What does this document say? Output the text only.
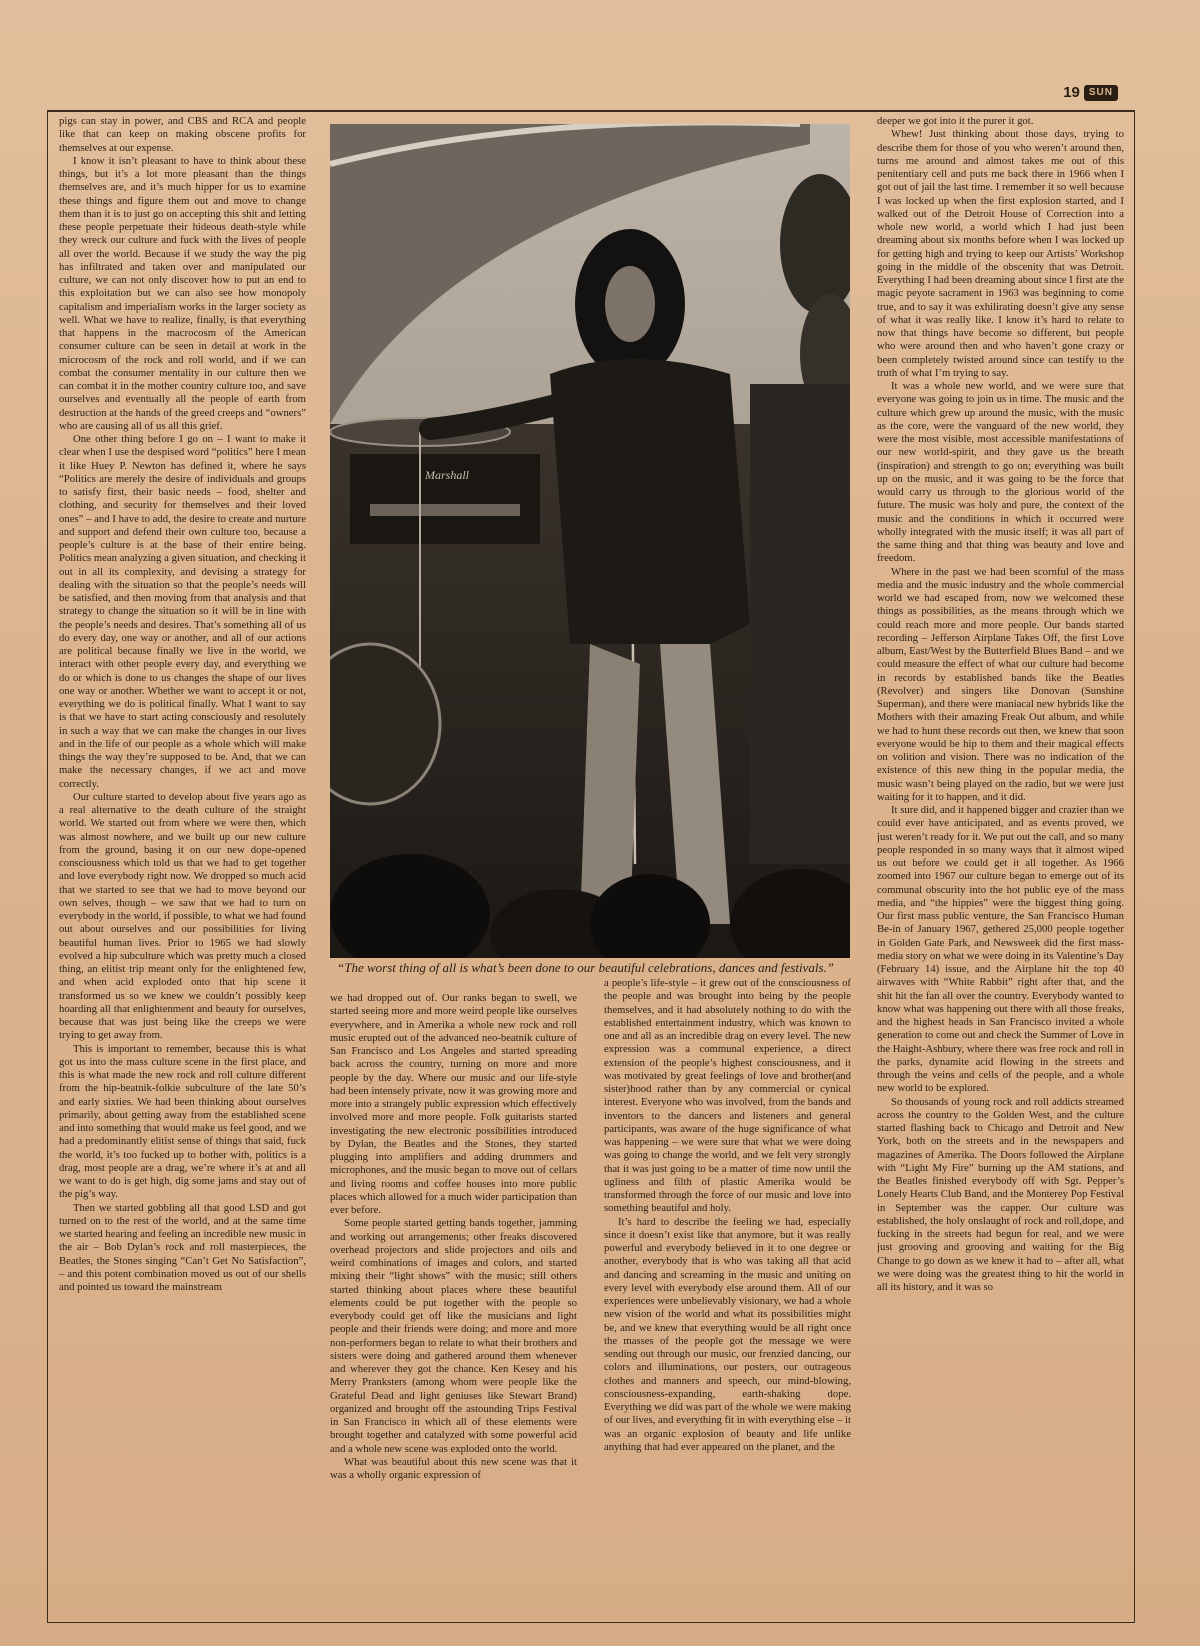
19 SUN

pigs can stay in power, and CBS and RCA and people like that can keep on making obscene profits for themselves at our expense.

I know it isn’t pleasant to have to think about these things, but it’s a lot more pleasant than the things themselves are, and it’s much hipper for us to examine these things and figure them out and move to change them than it is to just go on accepting this shit and letting these people perpetuate their hideous death-style while they wreck our culture and fuck with the lives of people all over the world. Because if we study the way the pig has infiltrated and taken over and manipulated our culture, we can not only discover how to put an end to this exploitation but we can also see how monopoly capitalism and imperialism works in the larger society as well. What we have to realize, finally, is that everything that happens in the macrocosm of the American consumer culture can be seen in detail at work in the microcosm of the rock and roll world, and if we can combat the consumer mentality in our culture then we can combat it in the mother country culture too, and save ourselves and eventually all the people of earth from destruction at the hands of the greed creeps and “owners” who are causing all of us all this grief.

One other thing before I go on – I want to make it clear when I use the despised word “politics” here I mean it like Huey P. Newton has defined it, where he says “Politics are merely the desire of individuals and groups to satisfy first, their basic needs – food, shelter and clothing, and security for themselves and their loved ones” – and I have to add, the desire to create and nurture and support and defend their own culture too, because a people’s culture is at the base of their entire being. Politics mean analyzing a given situation, and checking it out in all its complexity, and devising a strategy for dealing with the situation so that the people’s needs will be satisfied, and then moving from that analysis and that strategy to change the situation so it will be in line with the people’s needs and desires. That’s something all of us do every day, one way or another, and all of our actions are political because finally we live in the world, we interact with other people every day, and everything we do or which is done to us changes the shape of our lives one way or another. Whether we want to accept it or not, everything we do is political finally. What I want to say is that we have to start acting consciously and resolutely in such a way that we can make the changes in our lives and in the life of our people as a whole which will make things the way they’re supposed to be. And, that we can make the necessary changes, if we act and move correctly.

Our culture started to develop about five years ago as a real alternative to the death culture of the straight world. We started out from where we were then, which was almost nowhere, and we built up our new culture from the ground, basing it on our new dope-opened consciousness which told us that we had to get together and love everybody right now. We dropped so much acid that we started to see that we had to move beyond our own selves, though – we saw that we had to turn on everybody in the world, if possible, to what we had found out about ourselves and our possibilities for living beautiful human lives. Prior to 1965 we had slowly evolved a hip subculture which was pretty much a closed thing, an elitist trip meant only for the enlightened few, and when acid exploded onto that hip scene it transformed us so we knew we couldn’t possibly keep hoarding all that enlightenment and beauty for ourselves, because that was just being like the creeps we were trying to get away from.

This is important to remember, because this is what got us into the mass culture scene in the first place, and this is what made the new rock and roll culture different from the hip-beatnik-folkie subculture of the late 50’s and early sixties. We had been thinking about ourselves primarily, about getting away from the established scene and into something that would make us feel good, and we had a predominantly elitist sense of things that said, fuck the world, it’s too fucked up to bother with, politics is a drag, most people are a drag, we’re where it’s at and all we want to do is get high, dig some jams and stay out of the pig’s way.

Then we started gobbling all that good LSD and got turned on to the rest of the world, and at the same time we started hearing and feeling an incredible new music in the air – Bob Dylan’s rock and roll masterpieces, the Beatles, the Stones singing “Can’t Get No Satisfaction”, – and this potent combination moved us out of our shells and pointed us toward the mainstream

Marshall
“The worst thing of all is what’s been done to our beautiful celebrations, dances and festivals.”

we had dropped out of. Our ranks began to swell, we started seeing more and more weird people like ourselves everywhere, and in Amerika a whole new rock and roll music erupted out of the advanced neo-beatnik culture of San Francisco and Los Angeles and started spreading back across the country, turning on more and more people by the day. Where our music and our life-style had been intensely private, now it was growing more and more into a strangely public expression which effectively involved more and more people. Folk guitarists started investigating the new electronic possibilities introduced by Dylan, the Beatles and the Stones, they started plugging into amplifiers and adding drummers and microphones, and the music began to move out of cellars and living rooms and coffee houses into more public places which allowed for a much wider participation than ever before.

Some people started getting bands together, jamming and working out arrangements; other freaks discovered overhead projectors and slide projectors and oils and weird combinations of images and colors, and started mixing their “light shows” with the music; still others started thinking about places where these beautiful elements could be put together with the people so everybody could get off like the musicians and light people and their friends were doing; and more and more non-performers began to relate to what their brothers and sisters were doing and gathered around them whenever and wherever they got the chance. Ken Kesey and his Merry Pranksters (among whom were people like the Grateful Dead and light geniuses like Stewart Brand) organized and brought off the astounding Trips Festival in San Francisco in which all of these elements were brought together and catalyzed with some powerful acid and a whole new scene was exploded onto the world.

What was beautiful about this new scene was that it was a wholly organic expression of

a people’s life-style – it grew out of the consciousness of the people and was brought into being by the people themselves, and it had absolutely nothing to do with the established entertainment industry, which was known to one and all as an incredible drag on every level. The new expression was a communal experience, a direct extension of the people’s highest consciousness, and it was motivated by great feelings of love and brother(and sister)hood rather than by any commercial or cynical interest. Everyone who was involved, from the bands and inventors to the dancers and listeners and general participants, was aware of the huge significance of what was happening – we were sure that what we were doing was going to change the world, and we felt very strongly that it was just going to be a matter of time now until the ugliness and filth of plastic Amerika would be transformed through the force of our music and love into something beautiful and holy.

It’s hard to describe the feeling we had, especially since it doesn’t exist like that anymore, but it was really powerful and everybody believed in it to one degree or another, everybody that is who was taking all that acid and dancing and screaming in the music and uniting on every level with everybody else around them. All of our experiences were unbelievably visionary, we had a whole new vision of the world and what its possibilities might be, and we knew that everything would be all right once the masses of the people got the message we were sending out through our music, our frenzied dancing, our colors and illuminations, our posters, our outrageous clothes and manners and speech, our mind-blowing, consciousness-expanding, earth-shaking dope. Everything we did was part of the whole we were making of our lives, and everything fit in with everything else – it was an organic explosion of beauty and life unlike anything that had ever appeared on the planet, and the

deeper we got into it the purer it got.

Whew! Just thinking about those days, trying to describe them for those of you who weren’t around then, turns me around and almost takes me out of this penitentiary cell and puts me back there in 1966 when I got out of jail the last time. I remember it so well because I was locked up when the first explosion started, and I walked out of the Detroit House of Correction into a whole new world, a world which I had just been dreaming about six months before when I was locked up for getting high and trying to keep our Artists’ Workshop going in the middle of the obscenity that was Detroit. Everything I had been dreaming about since I first ate the magic peyote sacrament in 1963 was beginning to come true, and to say it was exhilirating doesn’t give any sense of what it was really like. I know it’s hard to relate to now that things have become so different, but people who were around then and who haven’t gone crazy or been completely twisted around since can testify to the truth of what I’m trying to say.

It was a whole new world, and we were sure that everyone was going to join us in time. The music and the culture which grew up around the music, with the music as the core, were the vanguard of the new world, they were the most visible, most accessible manifestations of our new world-spirit, and they gave us the breath (inspiration) and strength to go on; everything was built up on the music, and it was going to be the force that would carry us through to the glorious world of the future. The music was holy and pure, the context of the music and the conditions in which it occurred were wholly integrated with the music itself; it was all part of the same thing and that thing was beauty and love and freedom.

Where in the past we had been scornful of the mass media and the music industry and the whole commercial world we had escaped from, now we welcomed these things as possibilities, as the means through which we could reach more and more people. Our bands started recording – Jefferson Airplane Takes Off, the first Love album, East/West by the Butterfield Blues Band – and we could measure the effect of what our culture had become in records by established bands like the Beatles (Revolver) and singers like Donovan (Sunshine Superman), and there were maniacal new hybrids like the Mothers with their amazing Freak Out album, and while we had to hunt these records out then, we knew that soon everyone would be hip to them and their magical effects on volition and vision. There was no indication of the existence of this new thing in the popular media, the music wasn’t being played on the radio, but we were just waiting for it to happen, and it did.

It sure did, and it happened bigger and crazier than we could ever have anticipated, and as events proved, we just weren’t ready for it. We put out the call, and so many people responded in so many ways that it almost wiped us out before we could get it all together. As 1966 zoomed into 1967 our culture began to emerge out of its communal obscurity into the hot public eye of the mass media, and “the hippies” were the biggest thing going. Our first mass public venture, the San Francisco Human Be-in of January 1967, gethered 25,000 people together in Golden Gate Park, and Newsweek did the first mass-media story on what we were doing in its Valentine’s Day (February 14) issue, and the Airplane hit the top 40 airwaves with “White Rabbit” right after that, and the shit hit the fan all over the country. Everybody wanted to know what was happening out there with all those freaks, and the highest heads in San Francisco invited a whole generation to come out and check the Summer of Love in the Haight-Ashbury, where there was free rock and roll in the parks, dynamite acid flowing in the streets and through the veins and cells of the people, and a whole new world to be explored.

So thousands of young rock and roll addicts streamed across the country to the Golden West, and the culture started flashing back to Chicago and Detroit and New York, both on the streets and in the newspapers and magazines of Amerika. The Doors followed the Airplane with “Light My Fire” burning up the AM stations, and the Beatles finished everybody off with Sgt. Pepper’s Lonely Hearts Club Band, and the Monterey Pop Festival in September was the capper. Our culture was established, the holy onslaught of rock and roll,dope, and fucking in the streets had begun for real, and we were just grooving and grooving and waiting for the Big Change to go down as we knew it had to – after all, what we were doing was the greatest thing to hit the world in all its history, and it was so
